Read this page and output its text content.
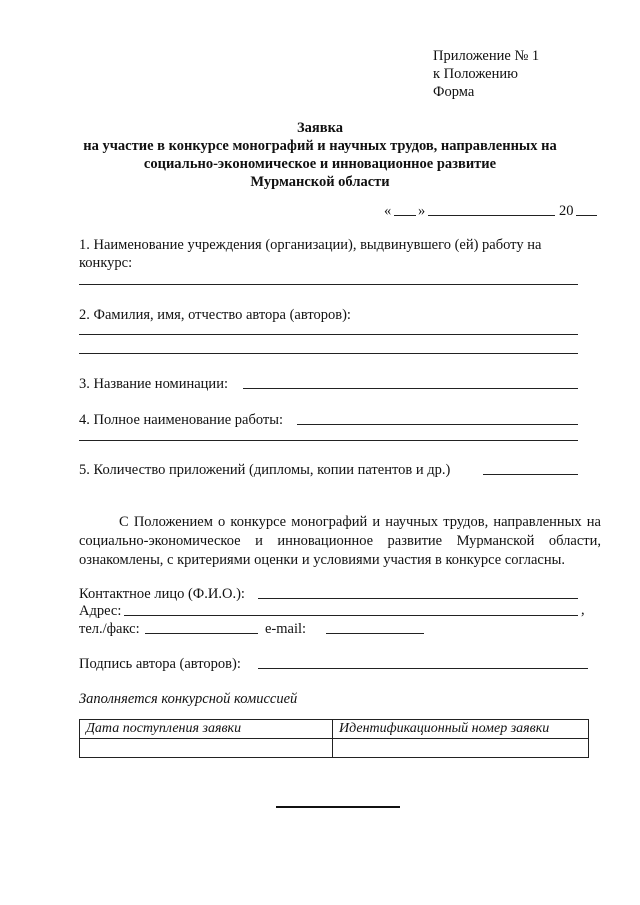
Приложение № 1
к Положению
Форма
Заявка
на участие в конкурсе монографий и научных трудов, направленных на
социально-экономическое и инновационное развитие
Мурманской области
« »	20
1. Наименование учреждения (организации), выдвинувшего (ей) работу на
конкурс:
2. Фамилия, имя, отчество автора (авторов):
3. Название номинации:
4. Полное наименование работы:
5. Количество приложений (дипломы, копии патентов и др.)

С Положением о конкурсе монографий и научных трудов, направленных на социально-экономическое и инновационное развитие Мурманской области, ознакомлены, с критериями оценки и условиями участия в конкурсе согласны.

Контактное лицо (Ф.И.О.):
Адрес:	,
тел./факс:	e-mail:
Подпись автора (авторов):
Заполняется конкурсной комиссией
Дата поступления заявки	Идентификационный номер заявки
